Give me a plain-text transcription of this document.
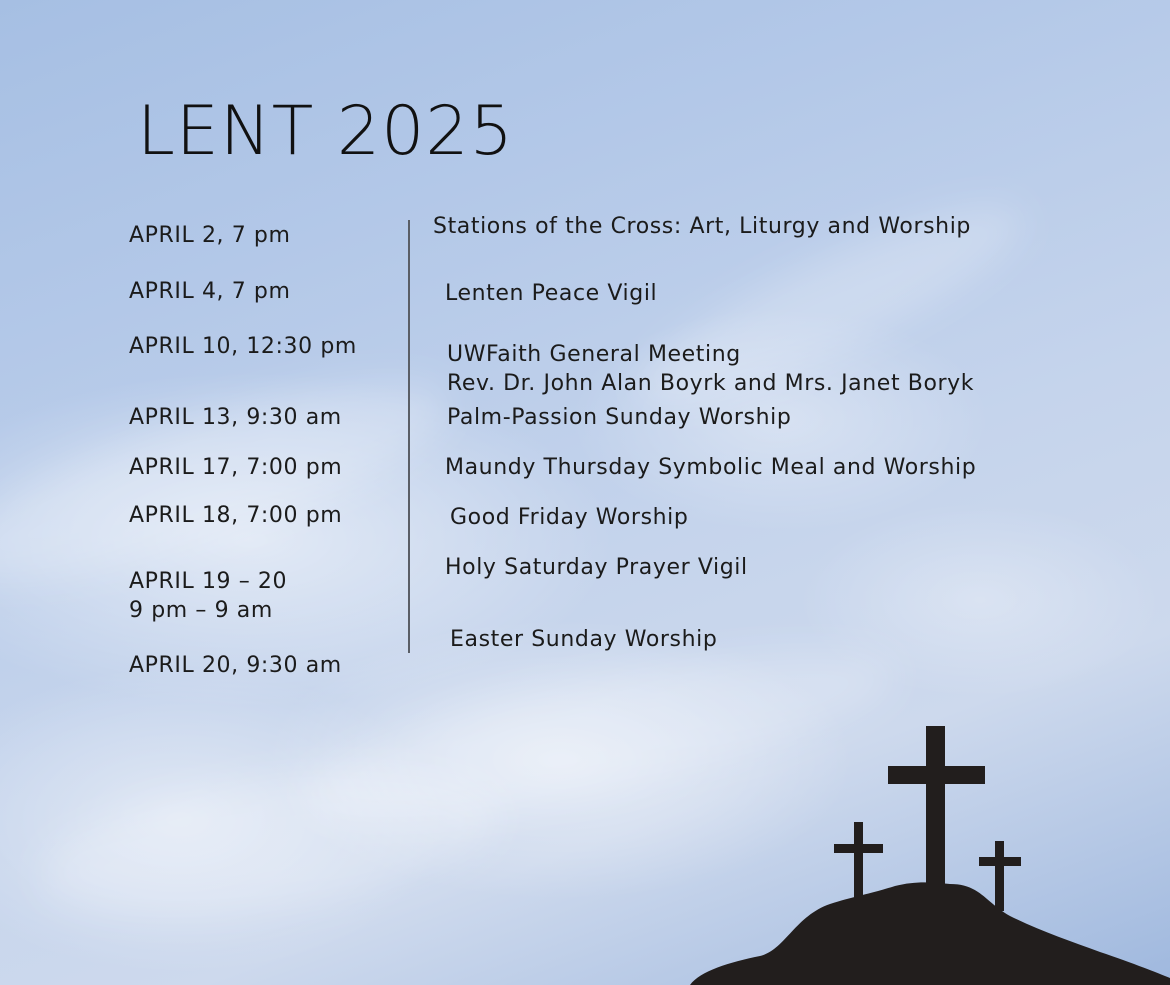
LENT 2025
APRIL 2, 7 pm
APRIL 4, 7 pm
APRIL 10, 12:30 pm
APRIL 13, 9:30 am
APRIL 17, 7:00 pm
APRIL 18, 7:00 pm
APRIL 19 – 20
9 pm – 9 am
APRIL 20, 9:30 am
Stations of the Cross: Art, Liturgy and Worship
Lenten Peace Vigil
UWFaith General Meeting
Rev. Dr. John Alan Boyrk and Mrs. Janet Boryk
Palm-Passion Sunday Worship
Maundy Thursday Symbolic Meal and Worship
Good Friday Worship
Holy Saturday Prayer Vigil
Easter Sunday Worship
